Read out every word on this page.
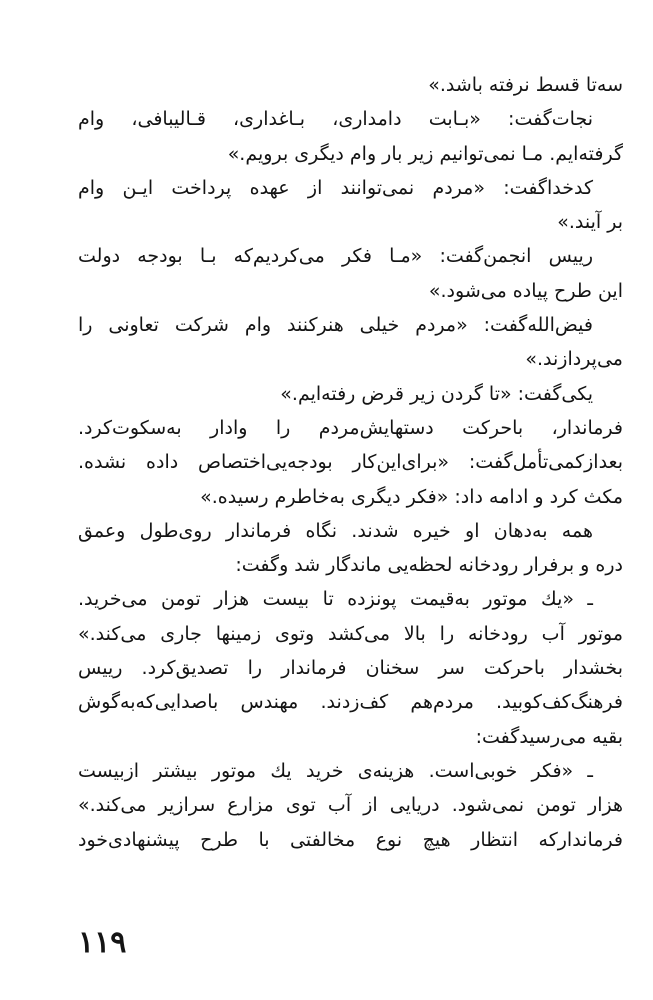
سه‌تا قسط نرفته باشد.»
نجات‌گفت: «بـابت دامداری، بـاغداری، قـالیبافی، وام
گرفته‌ایم. مـا نمی‌توانیم زیر بار وام دیگری برویم.»
کدخداگفت: «مردم نمی‌توانند از عهده پرداخت ایـن وام
بر آیند.»
رییس انجمن‌گفت: «مـا فکر می‌کردیم‌که بـا بودجه دولت
این طرح پیاده می‌شود.»
فیض‌الله‌گفت: «مردم خیلی هنرکنند وام شرکت تعاونی را
می‌پردازند.»
یکی‌گفت: «تا گردن زیر قرض رفته‌ایم.»
فرماندار، باحرکت دستهایش‌مردم را وادار به‌سکوت‌کرد.
بعدازکمی‌تأمل‌گفت: «برای‌این‌کار بودجه‌یی‌اختصاص داده نشده.
مکث کرد و ادامه داد: «فکر دیگری به‌خاطرم رسیده.»
همه به‌دهان او خیره شدند. نگاه فرماندار روی‌طول وعمق
دره و برفرار رودخانه لحظه‌یی ماندگار شد وگفت:
ـ «یك موتور به‌قیمت پونزده تا بیست هزار تومن می‌خرید.
موتور آب رودخانه را بالا می‌کشد وتوی زمینها جاری می‌کند.»
بخشدار باحرکت سر سخنان فرماندار را تصدیق‌کرد. رییس
فرهنگ‌کف‌کوبید. مردم‌هم کف‌زدند. مهندس باصدایی‌که‌به‌گوش
بقیه می‌رسیدگفت:
ـ «فکر خوبی‌است. هزینه‌ی خرید یك موتور بیشتر ازبیست
هزار تومن نمی‌شود. دریایی از آب توی مزارع سرازیر می‌کند.»
فرماندارکه انتظار هیچ نوع مخالفتی با طرح پیشنهادی‌خود
۱۱۹
